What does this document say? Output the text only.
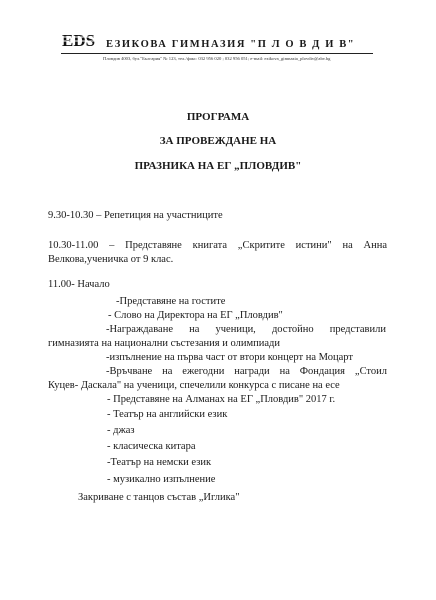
EDS ЕЗИКОВА ГИМНАЗИЯ "П Л О В Д И В"
Пловдив 4003, бул."България" № 123, тел./факс: 032 956 020 ; 032 956 051; e-mail: ezikova_gimnazia_plovdiv@abv.bg
ПРОГРАМА
ЗА ПРОВЕЖДАНЕ НА
ПРАЗНИКА НА ЕГ „ПЛОВДИВ"
9.30-10.30 – Репетиция на участниците
10.30-11.00 – Представяне книгата „Скритите истини" на Анна
Велкова,ученичка от 9 клас.
11.00- Начало
-Представяне на гостите
- Слово на Директора на ЕГ „Пловдив"
-Награждаване на ученици, достойно представили
гимназията на национални състезания и олимпиади
-изпълнение на първа част от втори концерт на Моцарт
-Връчване на ежегодни награди на Фондация „Стоил
Куцев- Даскала" на ученици, спечелили конкурса с писане на есе
- Представяне на Алманах на ЕГ „Пловдив" 2017 г.
- Театър на английски език
- джаз
- класическа китара
-Театър на немски език
- музикално изпълнение
Закриване с танцов състав „Иглика"
